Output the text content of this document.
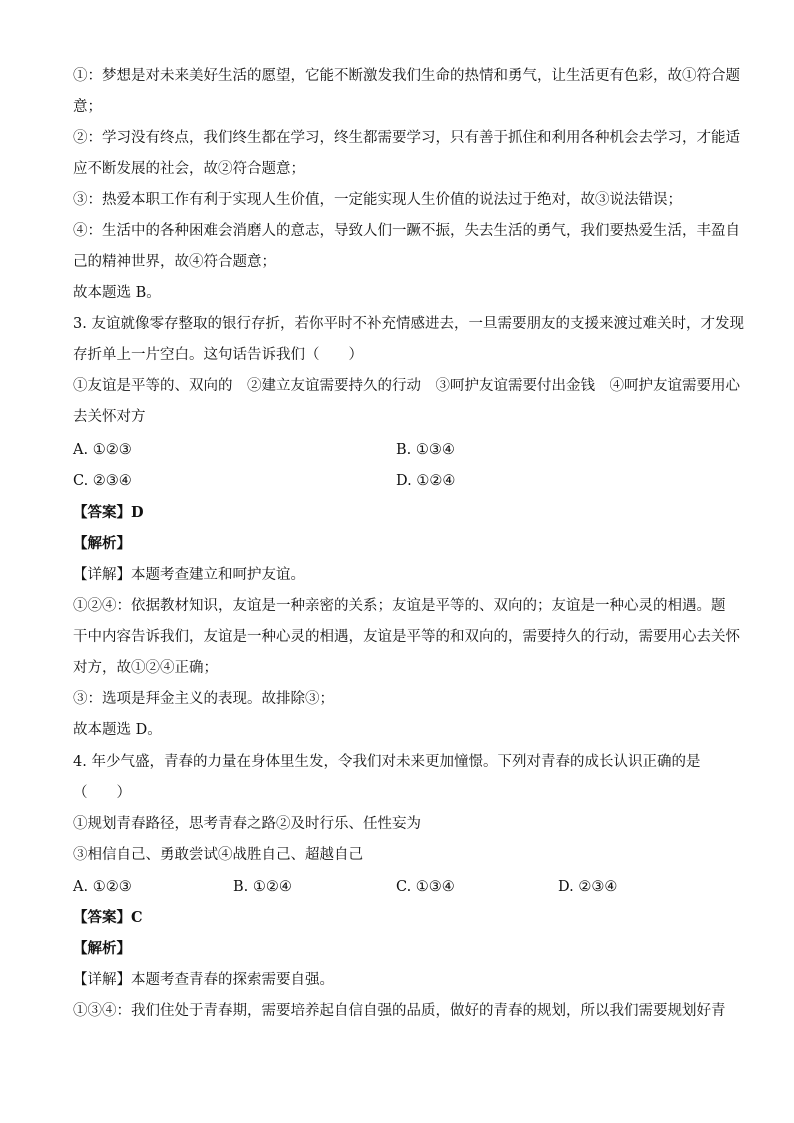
①：梦想是对未来美好生活的愿望，它能不断激发我们生命的热情和勇气，让生活更有色彩，故①符合题
意；
②：学习没有终点，我们终生都在学习，终生都需要学习，只有善于抓住和利用各种机会去学习，才能适
应不断发展的社会，故②符合题意；
③：热爱本职工作有利于实现人生价值，一定能实现人生价值的说法过于绝对，故③说法错误；
④：生活中的各种困难会消磨人的意志，导致人们一蹶不振，失去生活的勇气，我们要热爱生活，丰盈自
己的精神世界，故④符合题意；
故本题选 B。
3. 友谊就像零存整取的银行存折，若你平时不补充情感进去，一旦需要朋友的支援来渡过难关时，才发现
存折单上一片空白。这句话告诉我们（　　）
①友谊是平等的、双向的　②建立友谊需要持久的行动　③呵护友谊需要付出金钱　④呵护友谊需要用心
去关怀对方
A. ①②③	B. ①③④
C. ②③④	D. ①②④
【答案】D
【解析】
【详解】本题考查建立和呵护友谊。
①②④：依据教材知识，友谊是一种亲密的关系；友谊是平等的、双向的；友谊是一种心灵的相遇。题
干中内容告诉我们，友谊是一种心灵的相遇，友谊是平等的和双向的，需要持久的行动，需要用心去关怀
对方，故①②④正确；
③：选项是拜金主义的表现。故排除③；
故本题选 D。
4. 年少气盛，青春的力量在身体里生发，令我们对未来更加憧憬。下列对青春的成长认识正确的是
（　　）
①规划青春路径，思考青春之路②及时行乐、任性妄为
③相信自己、勇敢尝试④战胜自己、超越自己
A. ①②③	B. ①②④	C. ①③④	D. ②③④
【答案】C
【解析】
【详解】本题考查青春的探索需要自强。
①③④：我们住处于青春期，需要培养起自信自强的品质，做好的青春的规划，所以我们需要规划好青
